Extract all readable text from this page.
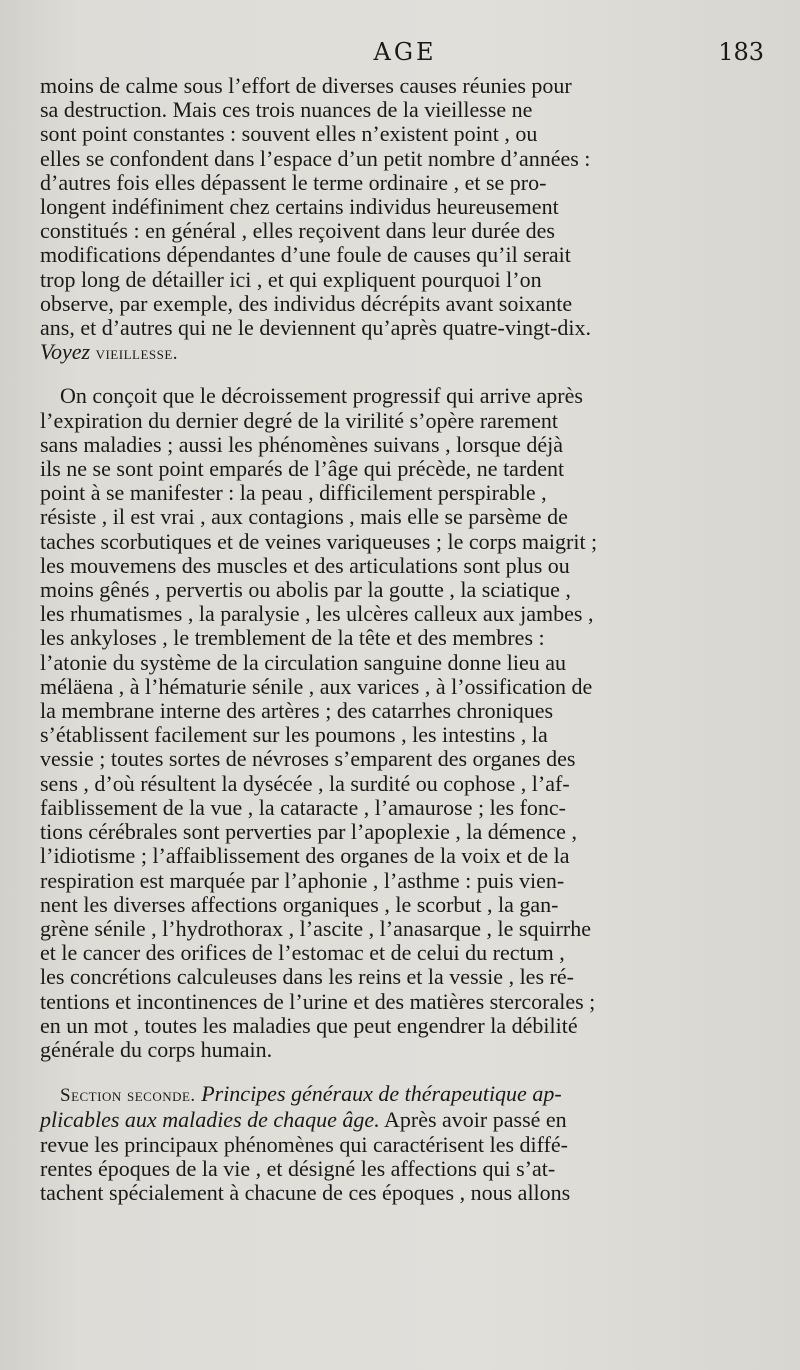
AGE	183
moins de calme sous l’effort de diverses causes réunies pour
sa destruction. Mais ces trois nuances de la vieillesse ne
sont point constantes : souvent elles n’existent point , ou
elles se confondent dans l’espace d’un petit nombre d’années :
d’autres fois elles dépassent le terme ordinaire , et se pro-
longent indéfiniment chez certains individus heureusement
constitués : en général , elles reçoivent dans leur durée des
modifications dépendantes d’une foule de causes qu’il serait
trop long de détailler ici , et qui expliquent pourquoi l’on
observe, par exemple, des individus décrépits avant soixante
ans, et d’autres qui ne le deviennent qu’après quatre-vingt-dix.
Voyez vieillesse.
On conçoit que le décroissement progressif qui arrive après
l’expiration du dernier degré de la virilité s’opère rarement
sans maladies ; aussi les phénomènes suivans , lorsque déjà
ils ne se sont point emparés de l’âge qui précède, ne tardent
point à se manifester : la peau , difficilement perspirable ,
résiste , il est vrai , aux contagions , mais elle se parsème de
taches scorbutiques et de veines variqueuses ; le corps maigrit ;
les mouvemens des muscles et des articulations sont plus ou
moins gênés , pervertis ou abolis par la goutte , la sciatique ,
les rhumatismes , la paralysie , les ulcères calleux aux jambes ,
les ankyloses , le tremblement de la tête et des membres :
l’atonie du système de la circulation sanguine donne lieu au
méläena , à l’hématurie sénile , aux varices , à l’ossification de
la membrane interne des artères ; des catarrhes chroniques
s’établissent facilement sur les poumons , les intestins , la
vessie ; toutes sortes de névroses s’emparent des organes des
sens , d’où résultent la dysécée , la surdité ou cophose , l’af-
faiblissement de la vue , la cataracte , l’amaurose ; les fonc-
tions cérébrales sont perverties par l’apoplexie , la démence ,
l’idiotisme ; l’affaiblissement des organes de la voix et de la
respiration est marquée par l’aphonie , l’asthme : puis vien-
nent les diverses affections organiques , le scorbut , la gan-
grène sénile , l’hydrothorax , l’ascite , l’anasarque , le squirrhe
et le cancer des orifices de l’estomac et de celui du rectum ,
les concrétions calculeuses dans les reins et la vessie , les ré-
tentions et incontinences de l’urine et des matières stercorales ;
en un mot , toutes les maladies que peut engendrer la débilité
générale du corps humain.
Section seconde. Principes généraux de thérapeutique ap-
plicables aux maladies de chaque âge. Après avoir passé en
revue les principaux phénomènes qui caractérisent les diffé-
rentes époques de la vie , et désigné les affections qui s’at-
tachent spécialement à chacune de ces époques , nous allons
